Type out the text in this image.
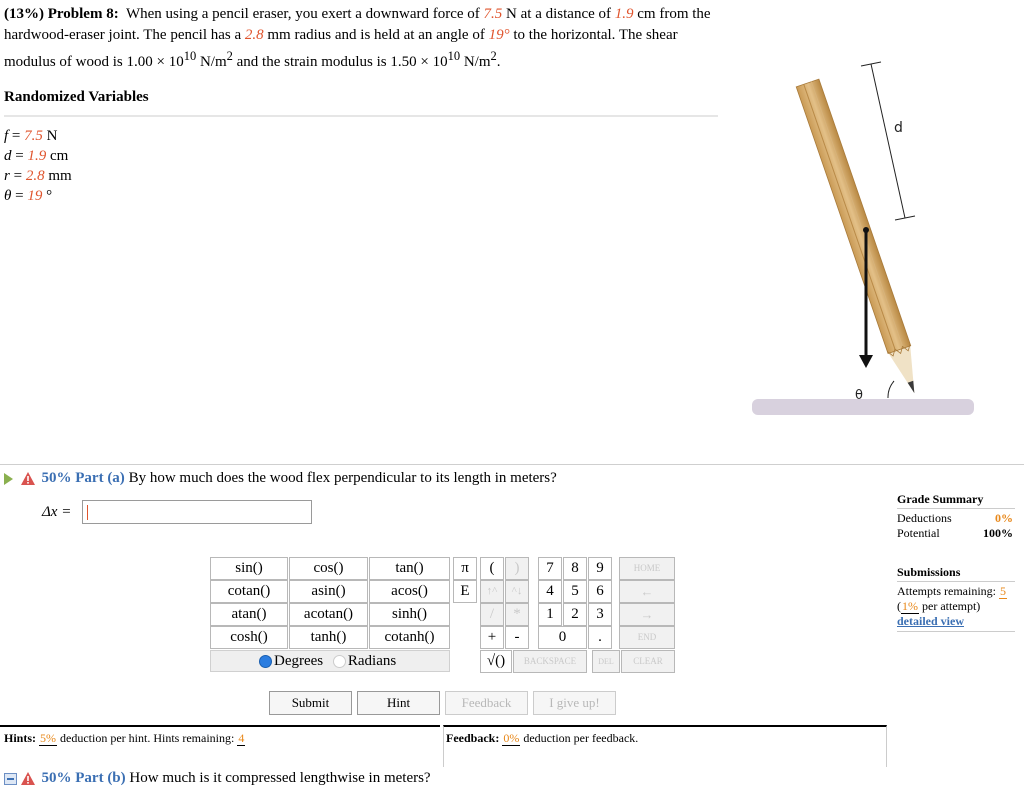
(13%) Problem 8: When using a pencil eraser, you exert a downward force of 7.5 N at a distance of 1.9 cm from the hardwood-eraser joint. The pencil has a 2.8 mm radius and is held at an angle of 19° to the horizontal. The shear modulus of wood is $1.00 \times 10^{10}$ $N/m^2$ and the strain modulus is $1.50 \times 10^{10}$ $N/m^2$.
Randomized Variables
f = 7.5 N
d = 1.9 cm
r = 2.8 mm
θ = 19 °
d
θ
50% Part (a) By how much does the wood flex perpendicular to its length in meters?
Δx =
sin()	cos()	tan()
cotan()	asin()	acos()
atan()	acotan()	sinh()
cosh()	tanh()	cotanh()
Degrees Radians
π	(	)	7	8	9	HOME
E	↑^	^↓	4	5	6	←
/	*	1	2	3	→
+	-	0	.	END
√()	BACKSPACE	DEL	CLEAR
Submit	Hint	Feedback	I give up!
Hints: 5% deduction per hint. Hints remaining: 4	Feedback: 0% deduction per feedback.
50% Part (b) How much is it compressed lengthwise in meters?
Grade Summary
Deductions	0%
Potential	100%
Submissions
Attempts remaining: 5
(1% per attempt)
detailed view
